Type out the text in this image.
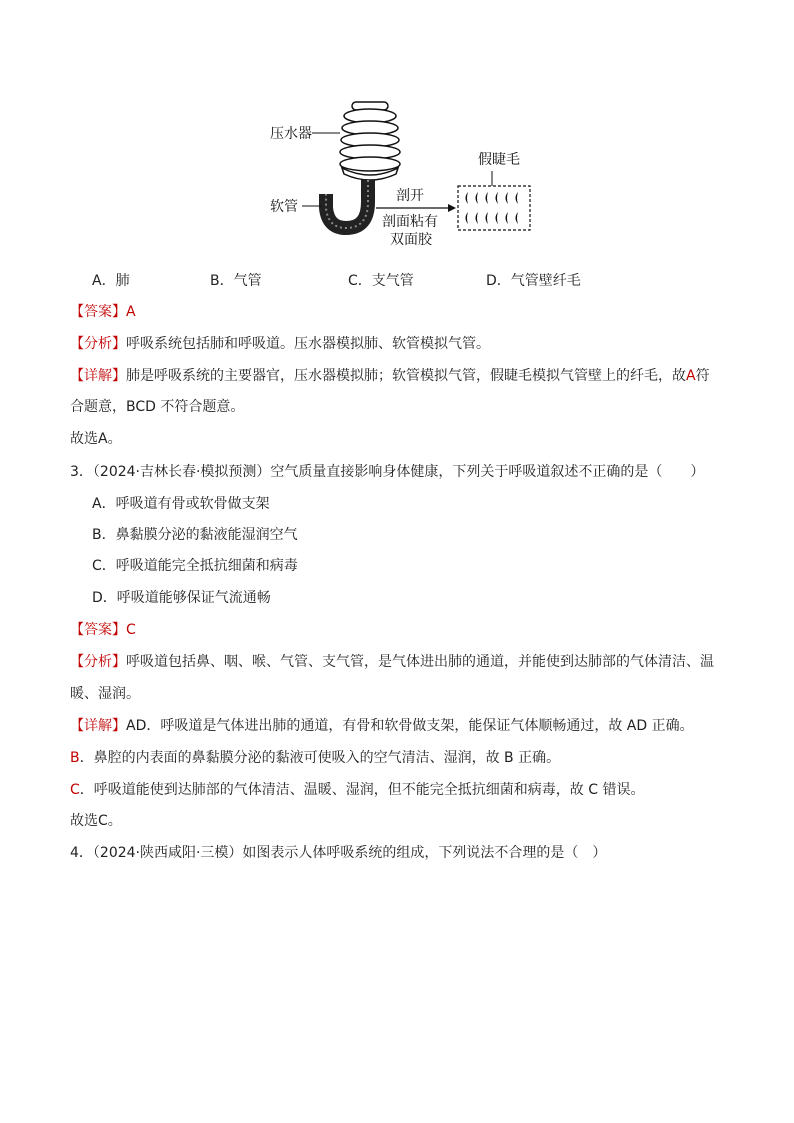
压水器
软管
剖开
假睫毛
剖面粘有
双面胶
A．肺	B．气管	C．支气管	D．气管壁纤毛
【答案】A
【分析】呼吸系统包括肺和呼吸道。压水器模拟肺、软管模拟气管。
【详解】肺是呼吸系统的主要器官，压水器模拟肺；软管模拟气管，假睫毛模拟气管壁上的纤毛，故A符
合题意，BCD 不符合题意。
故选A。
3．（2024·吉林长春·模拟预测）空气质量直接影响身体健康，下列关于呼吸道叙述不正确的是（　　）
A．呼吸道有骨或软骨做支架
B．鼻黏膜分泌的黏液能湿润空气
C．呼吸道能完全抵抗细菌和病毒
D．呼吸道能够保证气流通畅
【答案】C
【分析】呼吸道包括鼻、咽、喉、气管、支气管，是气体进出肺的通道，并能使到达肺部的气体清洁、温
暖、湿润。
【详解】AD．呼吸道是气体进出肺的通道，有骨和软骨做支架，能保证气体顺畅通过，故 AD 正确。
B．鼻腔的内表面的鼻黏膜分泌的黏液可使吸入的空气清洁、湿润，故 B 正确。
C．呼吸道能使到达肺部的气体清洁、温暖、湿润，但不能完全抵抗细菌和病毒，故 C 错误。
故选C。
4．（2024·陕西咸阳·三模）如图表示人体呼吸系统的组成，下列说法不合理的是（　）
